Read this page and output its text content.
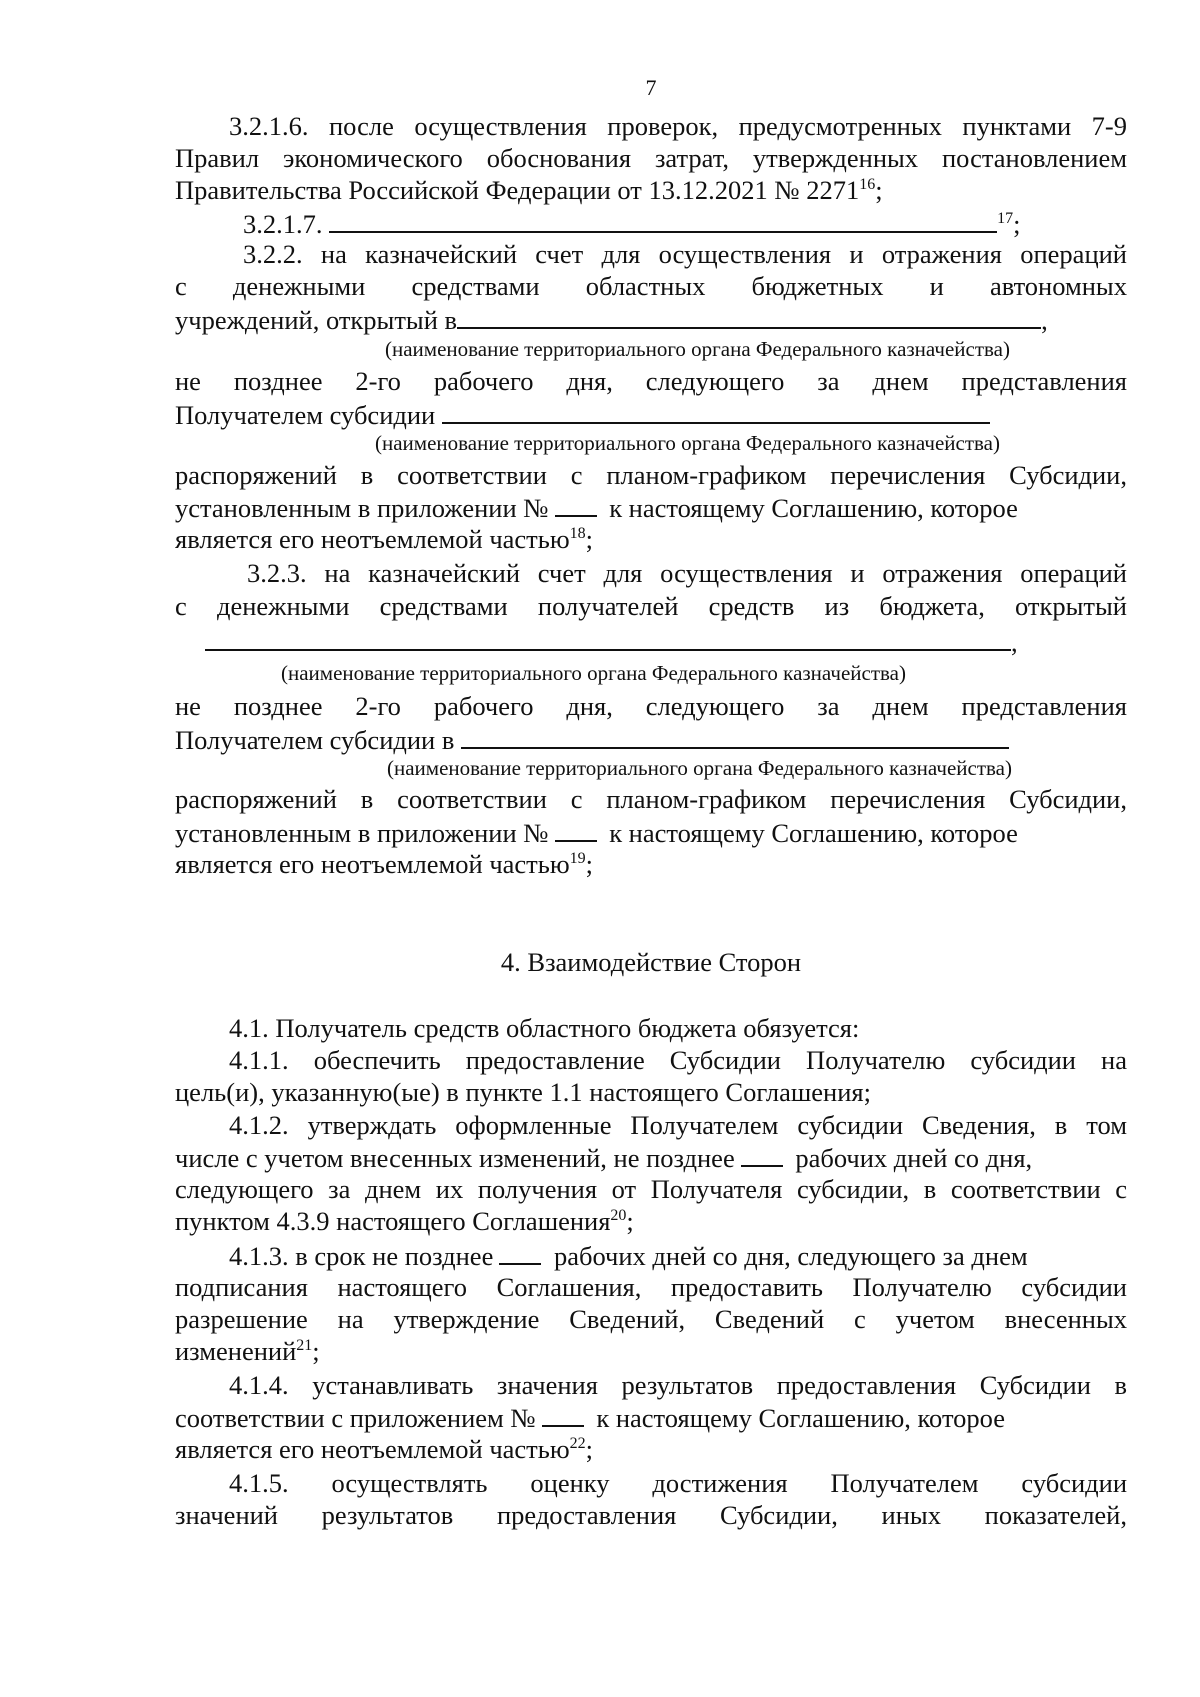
7
3.2.1.6. после осуществления проверок, предусмотренных пунктами 7-9
Правил экономического обоснования затрат, утвержденных постановлением
Правительства Российской Федерации от 13.12.2021 № 2271$^{16}$;
3.2.1.7.	$^{17}$;
3.2.2. на казначейский счет для осуществления и отражения операций
с денежными средствами областных бюджетных и автономных
учреждений, открытый в	,
(наименование территориального органа Федерального казначейства)
не позднее 2-го рабочего дня, следующего за днем представления
Получателем субсидии
(наименование территориального органа Федерального казначейства)
распоряжений в соответствии с планом-графиком перечисления Субсидии,
установленным в приложении № к настоящему Соглашению, которое
является его неотъемлемой частью$^{18}$;
3.2.3. на казначейский счет для осуществления и отражения операций
с денежными средствами получателей средств из бюджета, открытый
,
(наименование территориального органа Федерального казначейства)
не позднее 2-го рабочего дня, следующего за днем представления
Получателем субсидии в
(наименование территориального органа Федерального казначейства)
распоряжений в соответствии с планом-графиком перечисления Субсидии,
установленным в приложении № к настоящему Соглашению, которое
является его неотъемлемой частью$^{19}$;
4. Взаимодействие Сторон
4.1. Получатель средств областного бюджета обязуется:
4.1.1. обеспечить предоставление Субсидии Получателю субсидии на
цель(и), указанную(ые) в пункте 1.1 настоящего Соглашения;
4.1.2. утверждать оформленные Получателем субсидии Сведения, в том
числе с учетом внесенных изменений, не позднее рабочих дней со дня,
следующего за днем их получения от Получателя субсидии, в соответствии с
пунктом 4.3.9 настоящего Соглашения$^{20}$;
4.1.3. в срок не позднее рабочих дней со дня, следующего за днем
подписания настоящего Соглашения, предоставить Получателю субсидии
разрешение на утверждение Сведений, Сведений с учетом внесенных
изменений$^{21}$;
4.1.4. устанавливать значения результатов предоставления Субсидии в
соответствии с приложением № к настоящему Соглашению, которое
является его неотъемлемой частью$^{22}$;
4.1.5. осуществлять оценку достижения Получателем субсидии
значений результатов предоставления Субсидии, иных показателей,
